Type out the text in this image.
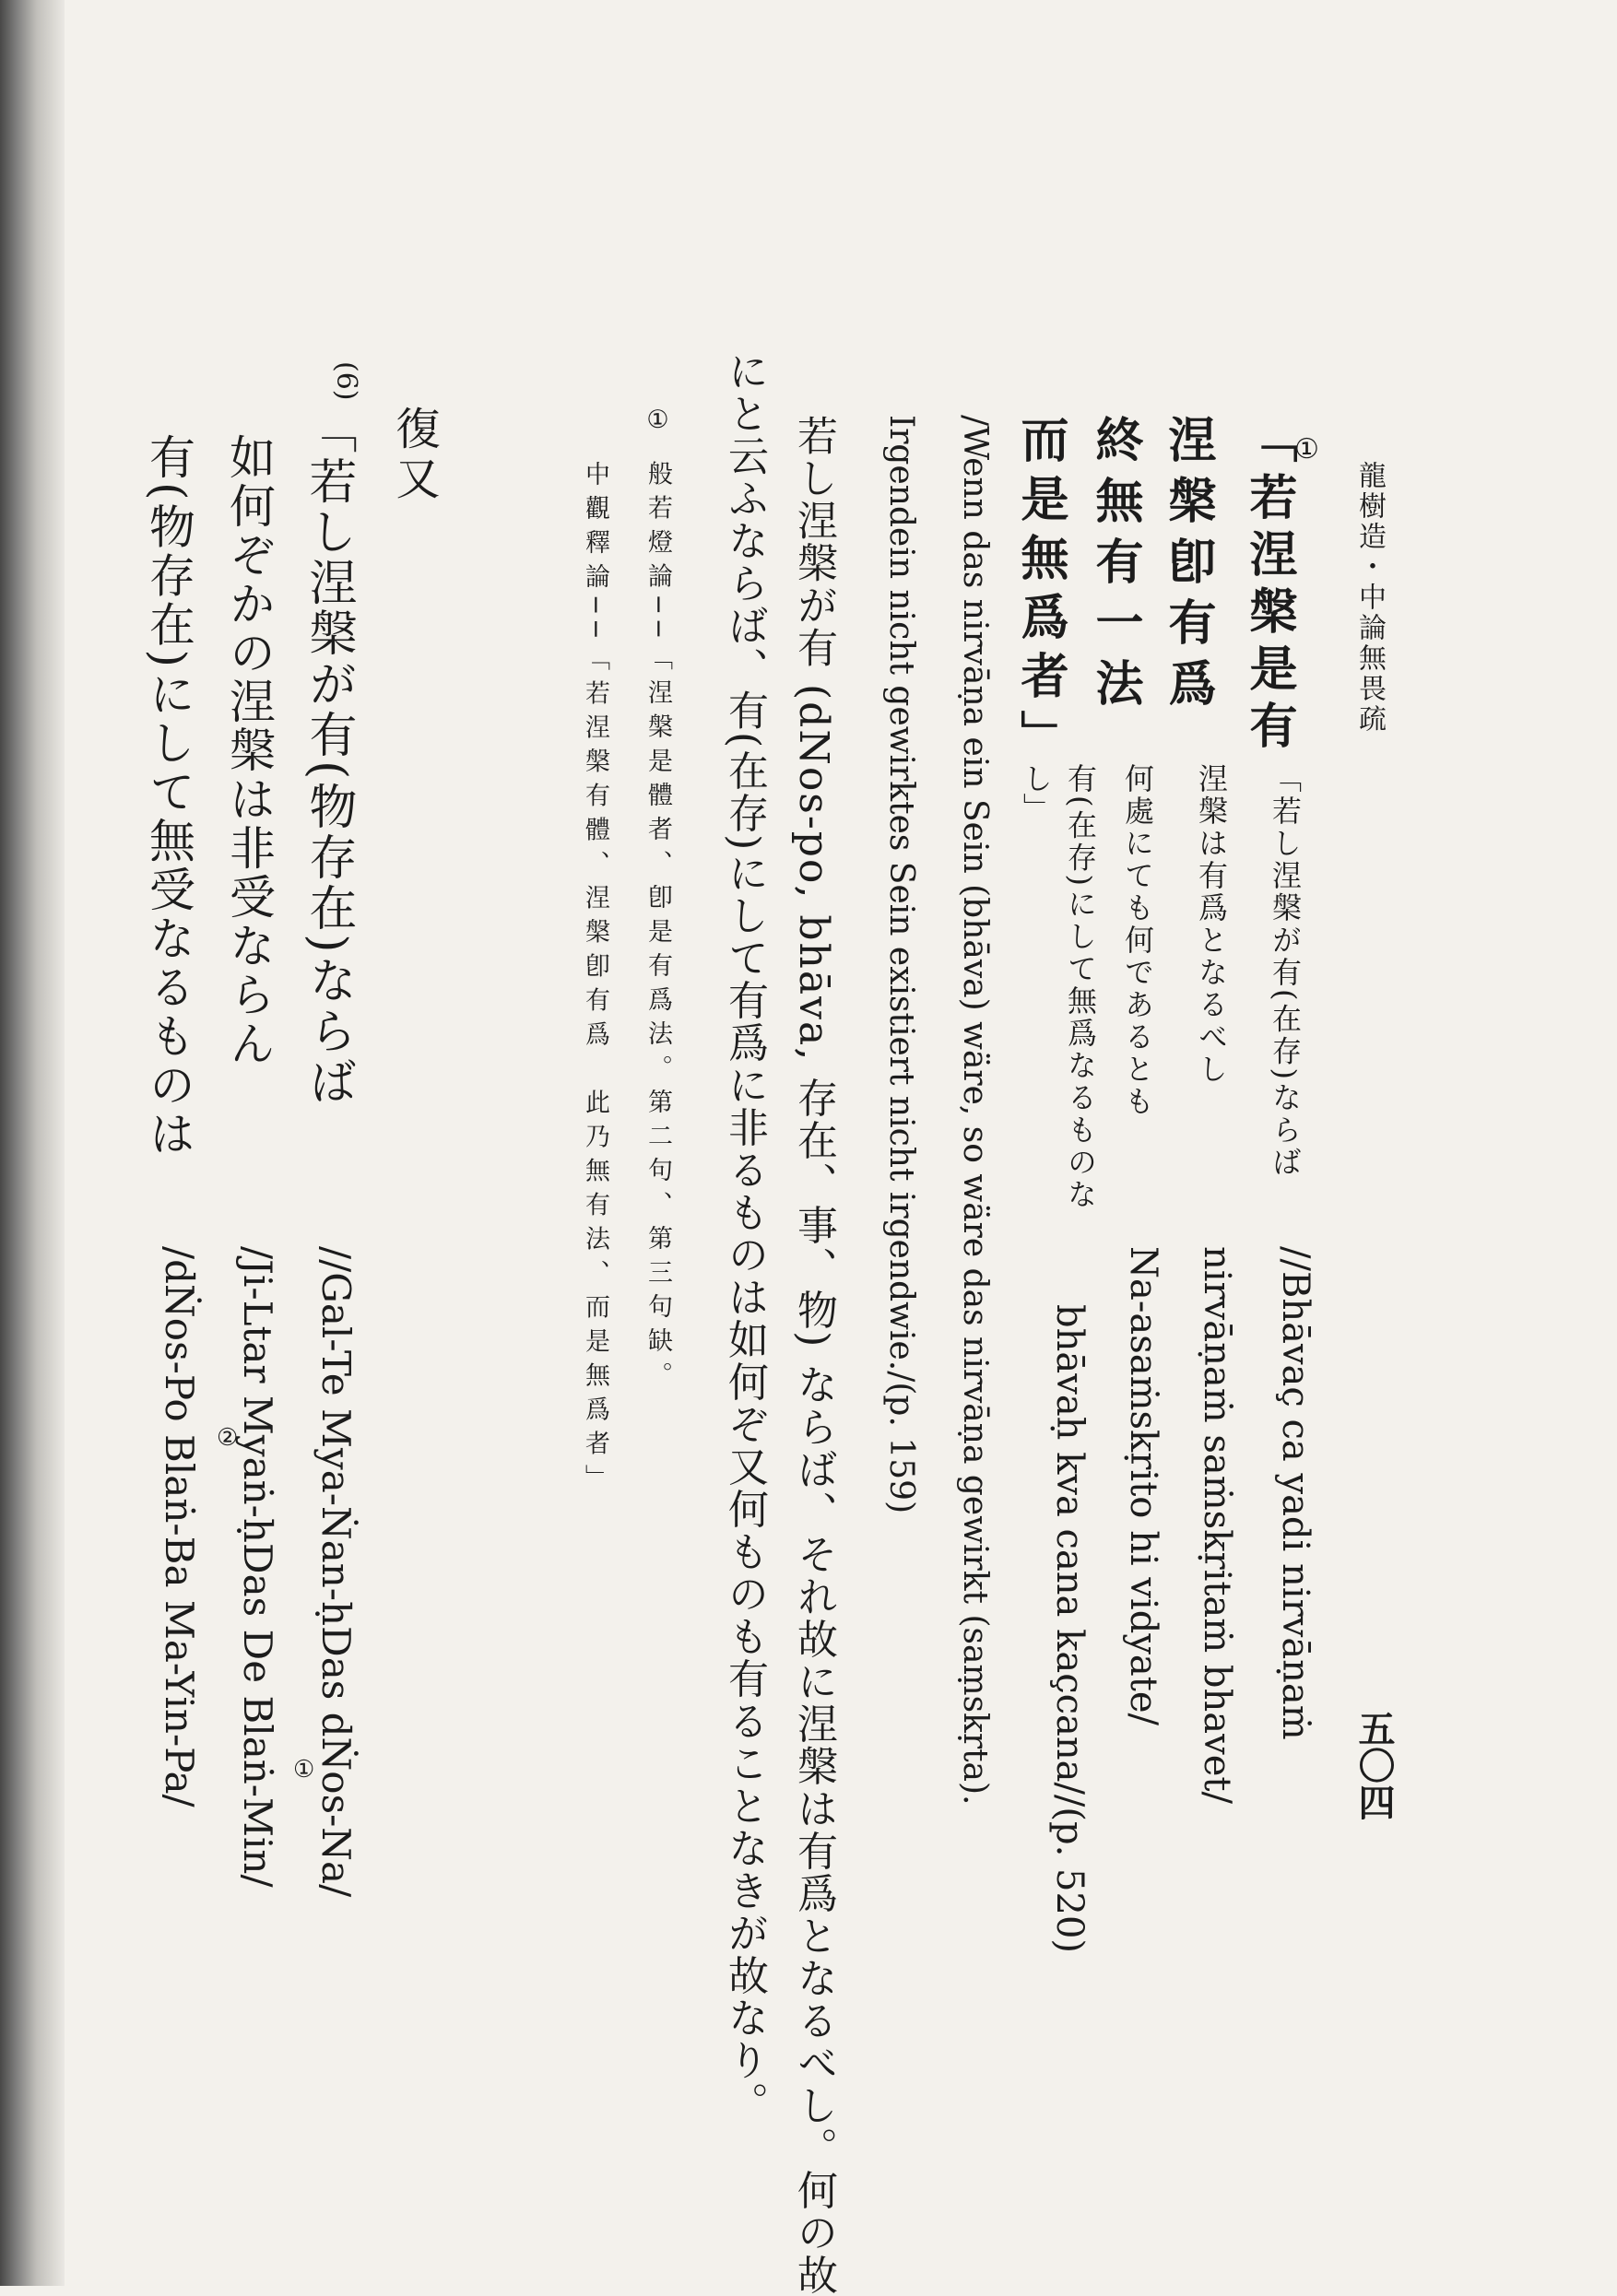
龍樹造・中論無畏疏
五〇四
①
「若涅槃是有
涅槃卽有爲
終無有一法
而是無爲者」
「若し涅槃が有(在存)ならば
涅槃は有爲となるべし
何處にても何であるとも
有(在存)にして無爲なるものな
し」
//Bhāvaç ca yadi nirvāṇaṁ
nirvāṇaṁ saṁskṛitaṁ bhavet/
Na-asaṁskṛito hi vidyate/
bhāvaḥ kva cana kaçcana//(p. 520)
/Wenn das nirvāṇa ein Sein (bhāva) wäre, so wäre das nirvāṇa gewirkt (saṃskṛta).
Irgendein nicht gewirktes Sein existiert nicht irgendwie./(p. 159)
若し涅槃が有 (dNos-po, bhāva, 存在、事、物) ならば、それ故に涅槃は有爲となるべし。何の故
にと云ふならば、有(在存)にして有爲に非るものは如何ぞ又何ものも有ることなきが故なり。
① 般若燈論──「涅槃是體者、卽是有爲法。第二句、第三句缺。
中觀釋論──「若涅槃有體、涅槃卽有爲　此乃無有法、而是無爲者」
復又
(6)
「若し涅槃が有(物存在)ならば
如何ぞかの涅槃は非受ならん
有(物存在)にして無受なるものは
//Gal-Te Mya-Ṅan-ḥDas dṄos-Na/
①
/Ji-Ltar Myaṅ-ḥDas De Blaṅ-Min/
②
/dṄos-Po Blaṅ-Ba Ma-Yin-Pa/
